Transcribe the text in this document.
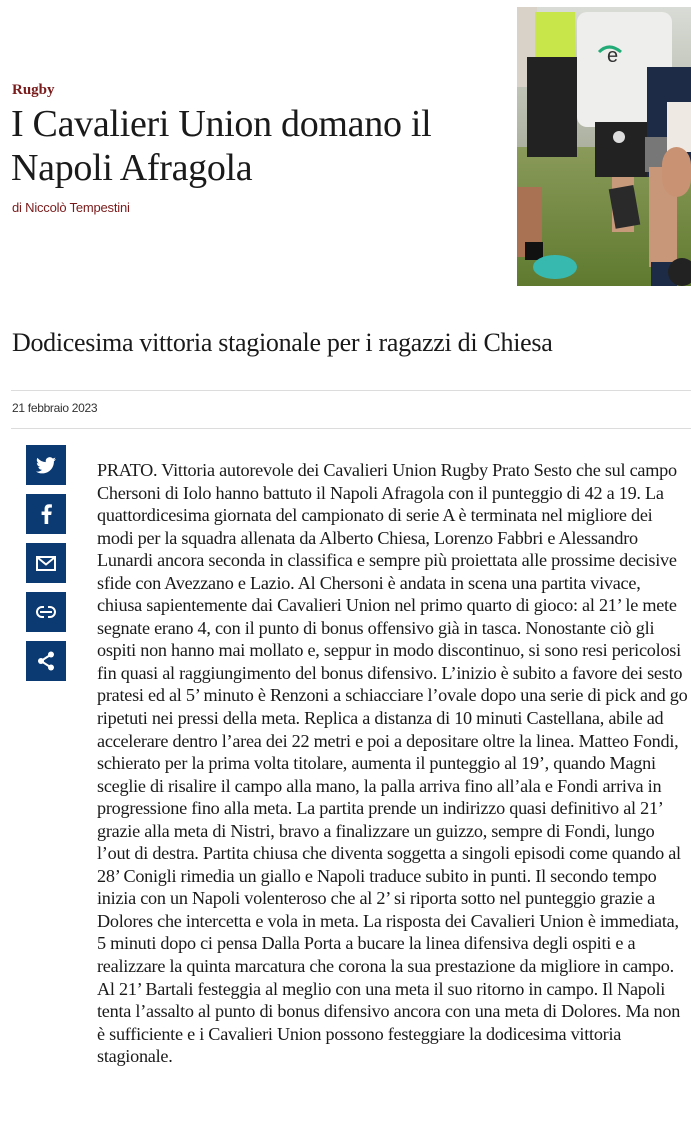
Rugby
I Cavalieri Union domano il Napoli Afragola
di Niccolò Tempestini
e
Dodicesima vittoria stagionale per i ragazzi di Chiesa
21 febbraio 2023

PRATO. Vittoria autorevole dei Cavalieri Union Rugby Prato Sesto che sul campo Chersoni di Iolo hanno battuto il Napoli Afragola con il punteggio di 42 a 19. La quattordicesima giornata del campionato di serie A è terminata nel migliore dei modi per la squadra allenata da Alberto Chiesa, Lorenzo Fabbri e Alessandro Lunardi ancora seconda in classifica e sempre più proiettata alle prossime decisive sfide con Avezzano e Lazio. Al Chersoni è andata in scena una partita vivace, chiusa sapientemente dai Cavalieri Union nel primo quarto di gioco: al 21’ le mete segnate erano 4, con il punto di bonus offensivo già in tasca. Nonostante ciò gli ospiti non hanno mai mollato e, seppur in modo discontinuo, si sono resi pericolosi fin quasi al raggiungimento del bonus difensivo. L’inizio è subito a favore dei sesto pratesi ed al 5’ minuto è Renzoni a schiacciare l’ovale dopo una serie di pick and go ripetuti nei pressi della meta. Replica a distanza di 10 minuti Castellana, abile ad accelerare dentro l’area dei 22 metri e poi a depositare oltre la linea. Matteo Fondi, schierato per la prima volta titolare, aumenta il punteggio al 19’, quando Magni sceglie di risalire il campo alla mano, la palla arriva fino all’ala e Fondi arriva in progressione fino alla meta. La partita prende un indirizzo quasi definitivo al 21’ grazie alla meta di Nistri, bravo a finalizzare un guizzo, sempre di Fondi, lungo l’out di destra. Partita chiusa che diventa soggetta a singoli episodi come quando al 28’ Conigli rimedia un giallo e Napoli traduce subito in punti. Il secondo tempo inizia con un Napoli volenteroso che al 2’ si riporta sotto nel punteggio grazie a Dolores che intercetta e vola in meta. La risposta dei Cavalieri Union è immediata, 5 minuti dopo ci pensa Dalla Porta a bucare la linea difensiva degli ospiti e a realizzare la quinta marcatura che corona la sua prestazione da migliore in campo. Al 21’ Bartali festeggia al meglio con una meta il suo ritorno in campo. Il Napoli tenta l’assalto al punto di bonus difensivo ancora con una meta di Dolores. Ma non è sufficiente e i Cavalieri Union possono festeggiare la dodicesima vittoria stagionale.
